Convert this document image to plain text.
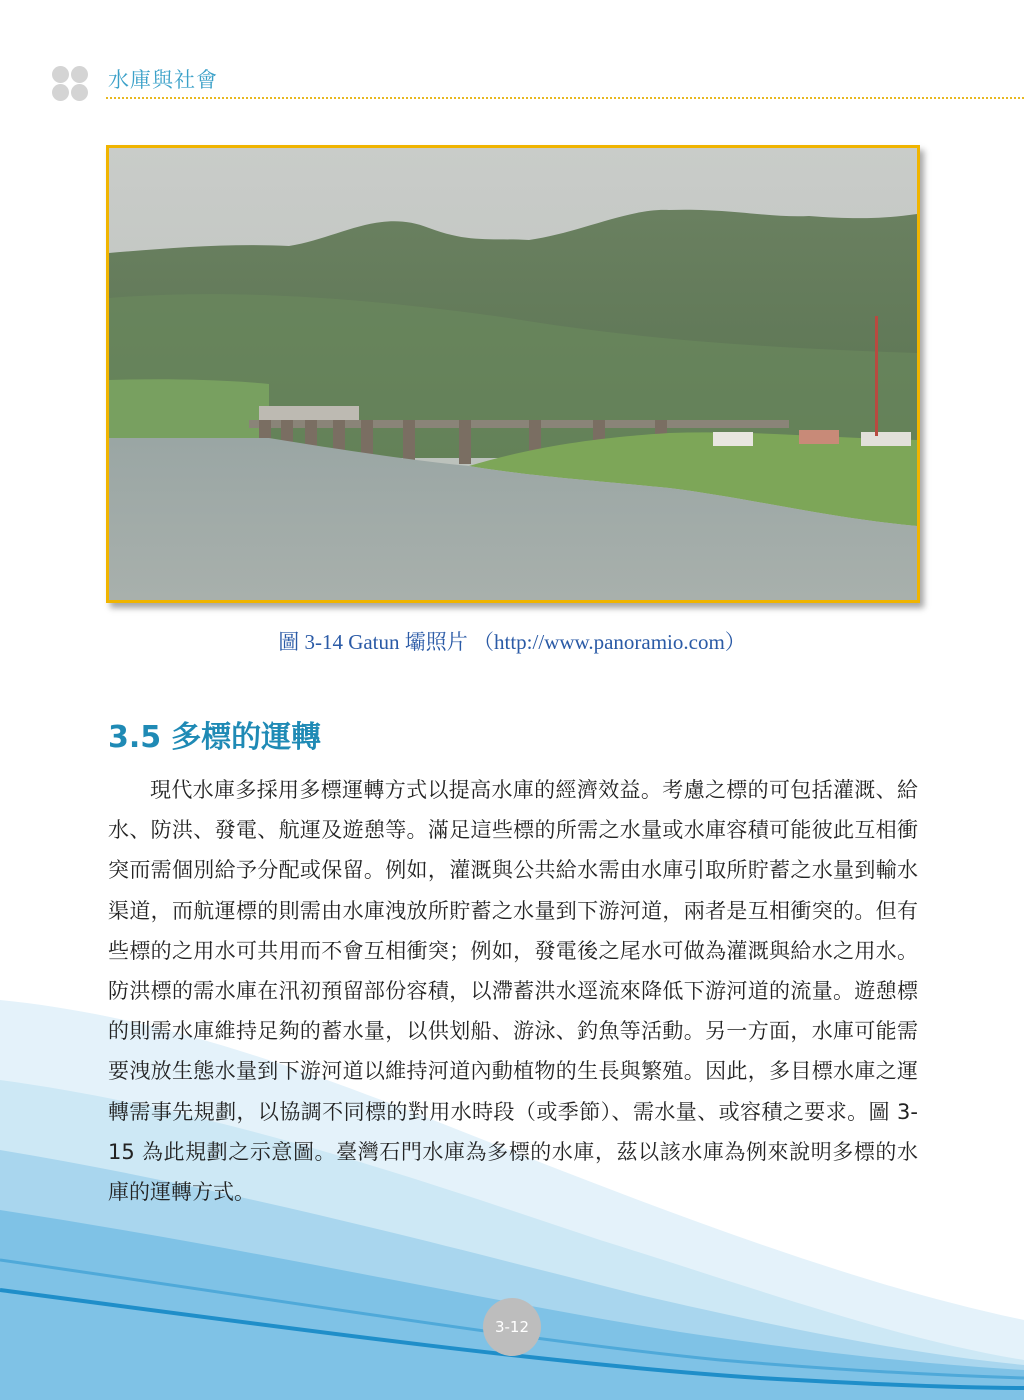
水庫與社會
圖 3-14 Gatun 壩照片 （http://www.panoramio.com）
3.5 多標的運轉
現代水庫多採用多標運轉方式以提高水庫的經濟效益。考慮之標的可包括灌溉、給水、防洪、發電、航運及遊憩等。滿足這些標的所需之水量或水庫容積可能彼此互相衝突而需個別給予分配或保留。例如，灌溉與公共給水需由水庫引取所貯蓄之水量到輸水渠道，而航運標的則需由水庫洩放所貯蓄之水量到下游河道，兩者是互相衝突的。但有些標的之用水可共用而不會互相衝突；例如，發電後之尾水可做為灌溉與給水之用水。防洪標的需水庫在汛初預留部份容積，以滯蓄洪水逕流來降低下游河道的流量。遊憩標的則需水庫維持足夠的蓄水量，以供划船、游泳、釣魚等活動。另一方面，水庫可能需要洩放生態水量到下游河道以維持河道內動植物的生長與繁殖。因此，多目標水庫之運轉需事先規劃，以協調不同標的對用水時段（或季節）、需水量、或容積之要求。圖 3-15 為此規劃之示意圖。臺灣石門水庫為多標的水庫，茲以該水庫為例來說明多標的水庫的運轉方式。
3-12
